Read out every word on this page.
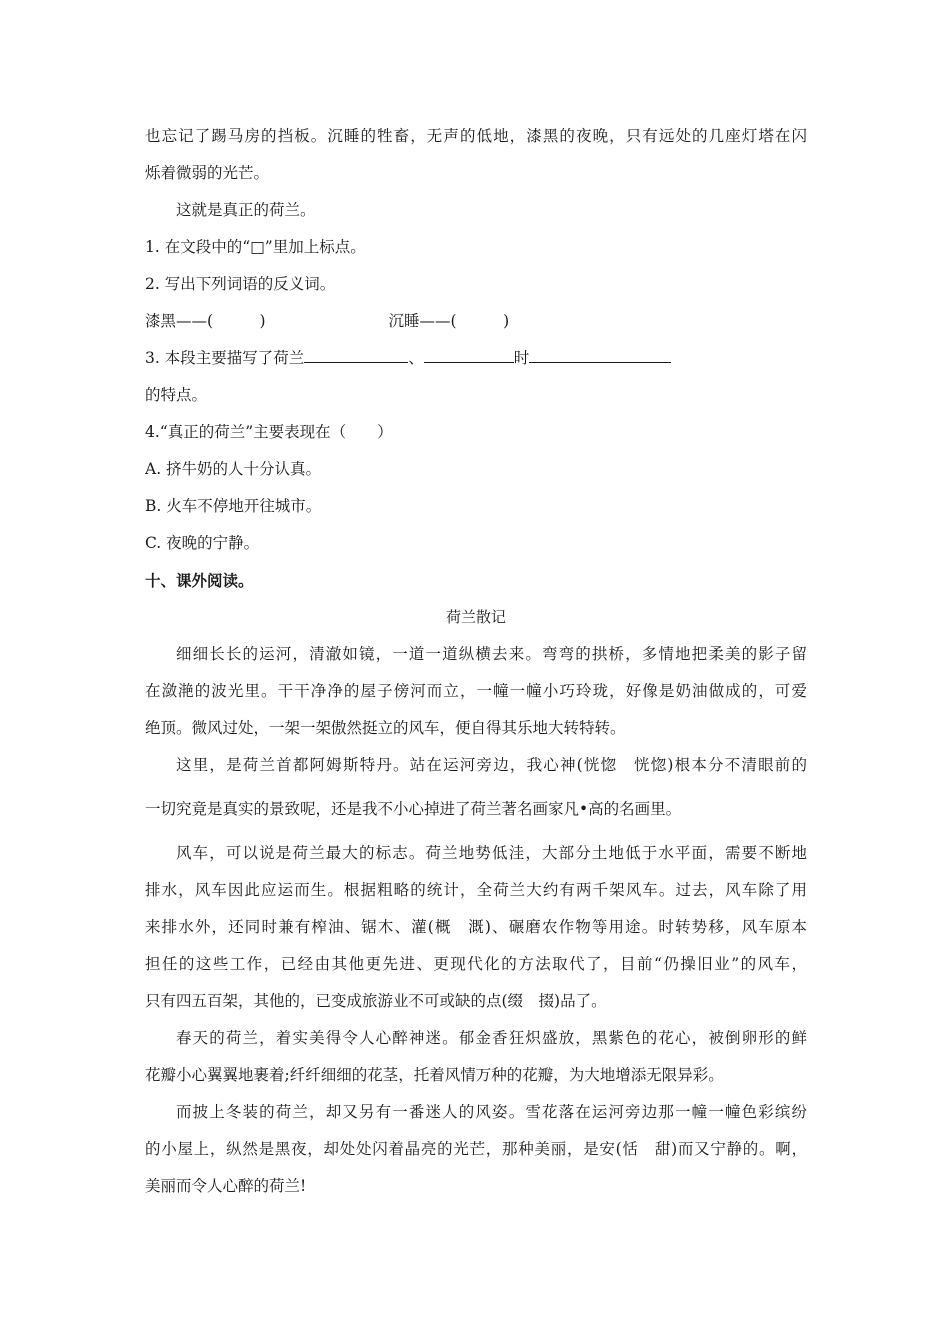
也忘记了踢马房的挡板。沉睡的牲畜，无声的低地，漆黑的夜晚，只有远处的几座灯塔在闪
烁着微弱的光芒。
这就是真正的荷兰。
1. 在文段中的“□”里加上标点。
2. 写出下列词语的反义词。
漆黑——(　　　)	沉睡——(　　　)
3. 本段主要描写了荷兰	、	时
的特点。
4.“真正的荷兰”主要表现在（　　）
A. 挤牛奶的人十分认真。
B. 火车不停地开往城市。
C. 夜晚的宁静。
十、课外阅读。
荷兰散记
细细长长的运河，清澈如镜，一道一道纵横去来。弯弯的拱桥，多情地把柔美的影子留
在潋滟的波光里。干干净净的屋子傍河而立，一幢一幢小巧玲珑，好像是奶油做成的，可爱
绝顶。微风过处，一架一架傲然挺立的风车，便自得其乐地大转特转。
这里，是荷兰首都阿姆斯特丹。站在运河旁边，我心神(恍惚　恍惚)根本分不清眼前的
一切究竟是真实的景致呢，还是我不小心掉进了荷兰著名画家凡•高的名画里。
风车，可以说是荷兰最大的标志。荷兰地势低洼，大部分土地低于水平面，需要不断地
排水，风车因此应运而生。根据粗略的统计，全荷兰大约有两千架风车。过去，风车除了用
来排水外，还同时兼有榨油、锯木、灌(概　溉)、碾磨农作物等用途。时转势移，风车原本
担任的这些工作，已经由其他更先进、更现代化的方法取代了，目前“仍操旧业”的风车，
只有四五百架，其他的，已变成旅游业不可或缺的点(缀　掇)品了。
春天的荷兰，着实美得令人心醉神迷。郁金香狂炽盛放，黑紫色的花心，被倒卵形的鲜
花瓣小心翼翼地裹着;纤纤细细的花茎，托着风情万种的花瓣，为大地增添无限异彩。
而披上冬装的荷兰，却又另有一番迷人的风姿。雪花落在运河旁边那一幢一幢色彩缤纷
的小屋上，纵然是黑夜，却处处闪着晶亮的光芒，那种美丽，是安(恬　甜)而又宁静的。啊，
美丽而令人心醉的荷兰!
